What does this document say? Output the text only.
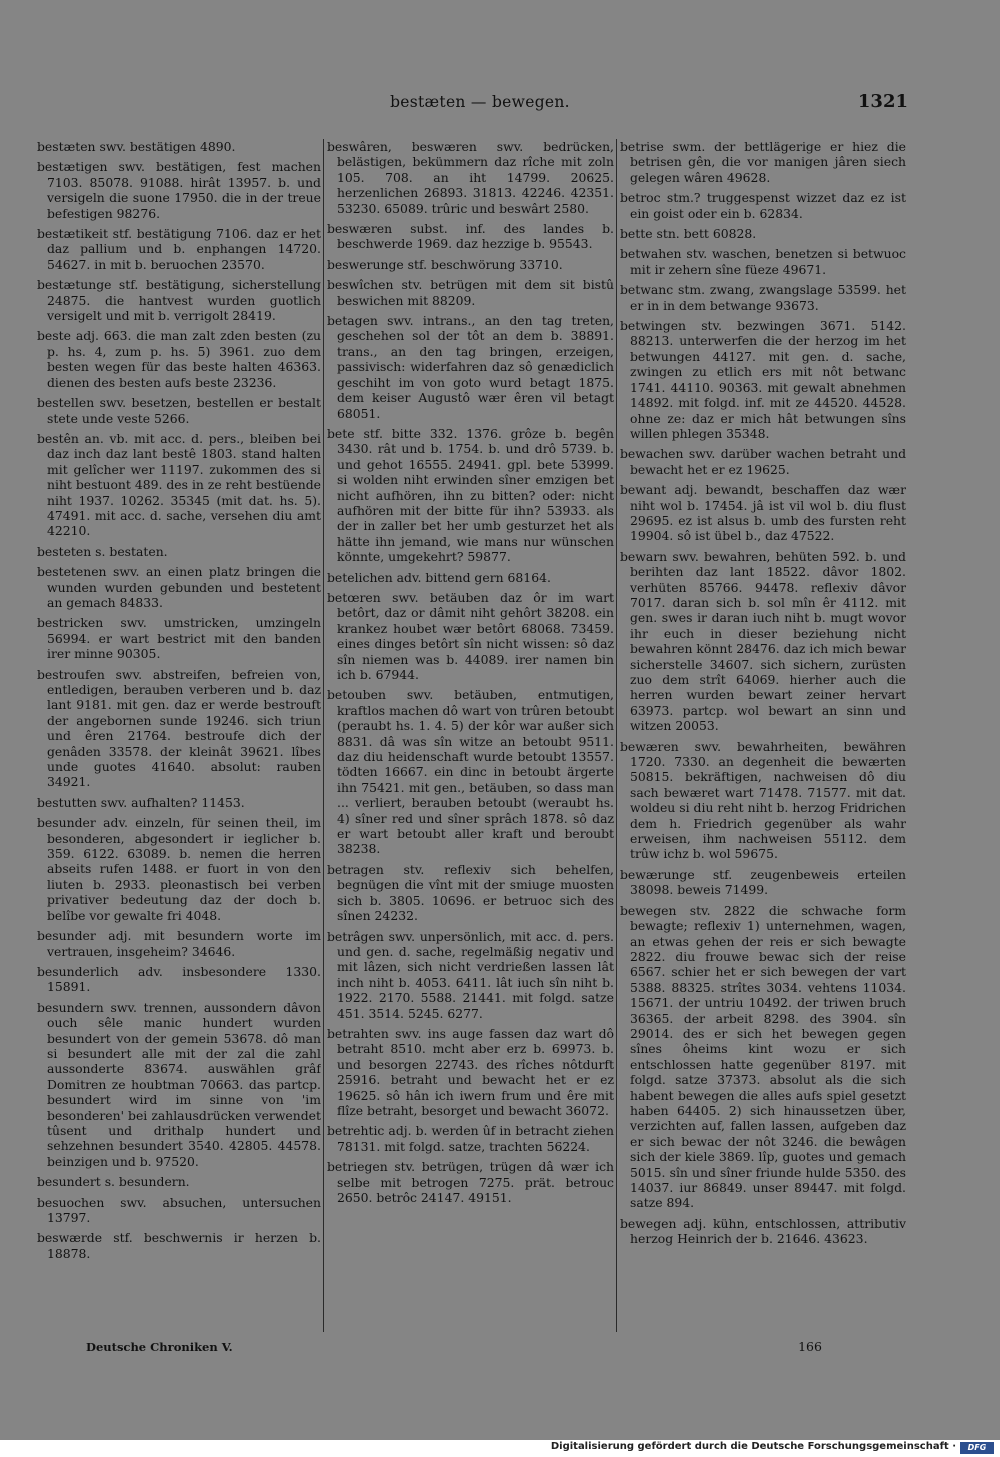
bestæten — bewegen.	1321

bestæten swv. bestätigen 4890.

bestætigen swv. bestätigen, fest machen 7103. 85078. 91088. hirât 13957. b. und versigeln die suone 17950. die in der treue befestigen 98276.

bestætikeit stf. bestätigung 7106. daz er het daz pallium und b. enphangen 14720. 54627. in mit b. beruochen 23570.

bestætunge stf. bestätigung, sicherstellung 24875. die hantvest wurden guotlich versigelt und mit b. verrigolt 28419.

beste adj. 663. die man zalt zden besten (zu p. hs. 4, zum p. hs. 5) 3961. zuo dem besten wegen für das beste halten 46363. dienen des besten aufs beste 23236.

bestellen swv. besetzen, bestellen er bestalt stete unde veste 5266.

bestên an. vb. mit acc. d. pers., bleiben bei daz inch daz lant bestê 1803. stand halten mit gelîcher wer 11197. zukommen des si niht bestuont 489. des in ze reht bestüende niht 1937. 10262. 35345 (mit dat. hs. 5). 47491. mit acc. d. sache, versehen diu amt 42210.

besteten s. bestaten.

bestetenen swv. an einen platz bringen die wunden wurden gebunden und bestetent an gemach 84833.

bestricken swv. umstricken, umzingeln 56994. er wart bestrict mit den banden irer minne 90305.

bestroufen swv. abstreifen, befreien von, entledigen, berauben verberen und b. daz lant 9181. mit gen. daz er werde bestrouft der angebornen sunde 19246. sich triun und êren 21764. bestroufe dich der genâden 33578. der kleinât 39621. lîbes unde guotes 41640. absolut: rauben 34921.

bestutten swv. aufhalten? 11453.

besunder adv. einzeln, für seinen theil, im besonderen, abgesondert ir ieglicher b. 359. 6122. 63089. b. nemen die herren abseits rufen 1488. er fuort in von den liuten b. 2933. pleonastisch bei verben privativer bedeutung daz der doch b. belîbe vor gewalte fri 4048.

besunder adj. mit besundern worte im vertrauen, insgeheim? 34646.

besunderlich adv. insbesondere 1330. 15891.

besundern swv. trennen, aussondern dâvon ouch sêle manic hundert wurden besundert von der gemein 53678. dô man si besundert alle mit der zal die zahl aussonderte 83674. auswählen grâf Domitren ze houbtman 70663. das partcp. besundert wird im sinne von 'im besonderen' bei zahlausdrücken verwendet tûsent und drithalp hundert und sehzehnen besundert 3540. 42805. 44578. beinzigen und b. 97520.

besundert s. besundern.

besuochen swv. absuchen, untersuchen 13797.

beswærde stf. beschwernis ir herzen b. 18878.

beswâren, beswæren swv. bedrücken, belästigen, bekümmern daz rîche mit zoln 105. 708. an iht 14799. 20625. herzenlichen 26893. 31813. 42246. 42351. 53230. 65089. trûric und beswârt 2580.

beswæren subst. inf. des landes b. beschwerde 1969. daz hezzige b. 95543.

beswerunge stf. beschwörung 33710.

beswîchen stv. betrügen mit dem sit bistû beswichen mit 88209.

betagen swv. intrans., an den tag treten, geschehen sol der tôt an dem b. 38891. trans., an den tag bringen, erzeigen, passivisch: widerfahren daz sô genædiclich geschiht im von goto wurd betagt 1875. dem keiser Augustô wær êren vil betagt 68051.

bete stf. bitte 332. 1376. grôze b. begên 3430. rât und b. 1754. b. und drô 5739. b. und gehot 16555. 24941. gpl. bete 53999. si wolden niht erwinden sîner emzigen bet nicht aufhören, ihn zu bitten? oder: nicht aufhören mit der bitte für ihn? 53933. als der in zaller bet her umb gesturzet het als hätte ihn jemand, wie mans nur wünschen könnte, umgekehrt? 59877.

betelichen adv. bittend gern 68164.

betœren swv. betäuben daz ôr im wart betôrt, daz or dâmit niht gehôrt 38208. ein krankez houbet wær betôrt 68068. 73459. eines dinges betôrt sîn nicht wissen: sô daz sîn niemen was b. 44089. irer namen bin ich b. 67944.

betouben swv. betäuben, entmutigen, kraftlos machen dô wart von trûren betoubt (peraubt hs. 1. 4. 5) der kôr war außer sich 8831. dâ was sîn witze an betoubt 9511. daz diu heidenschaft wurde betoubt 13557. tödten 16667. ein dinc in betoubt ärgerte ihn 75421. mit gen., betäuben, so dass man ... verliert, berauben betoubt (weraubt hs. 4) sîner red und sîner sprâch 1878. sô daz er wart betoubt aller kraft und beroubt 38238.

betragen stv. reflexiv sich behelfen, begnügen die vînt mit der smiuge muosten sich b. 3805. 10696. er betruoc sich des sînen 24232.

betrâgen swv. unpersönlich, mit acc. d. pers. und gen. d. sache, regelmäßig negativ und mit lâzen, sich nicht verdrießen lassen lât inch niht b. 4053. 6411. lât iuch sîn niht b. 1922. 2170. 5588. 21441. mit folgd. satze 451. 3514. 5245. 6277.

betrahten swv. ins auge fassen daz wart dô betraht 8510. mcht aber erz b. 69973. b. und besorgen 22743. des rîches nôtdurft 25916. betraht und bewacht het er ez 19625. sô hân ich iwern frum und êre mit flîze betraht, besorget und bewacht 36072.

betrehtic adj. b. werden ûf in betracht ziehen 78131. mit folgd. satze, trachten 56224.

betriegen stv. betrügen, trügen dâ wær ich selbe mit betrogen 7275. prät. betrouc 2650. betrôc 24147. 49151.

betrise swm. der bettlägerige er hiez die betrisen gên, die vor manigen jâren siech gelegen wâren 49628.

betroc stm.? truggespenst wizzet daz ez ist ein goist oder ein b. 62834.

bette stn. bett 60828.

betwahen stv. waschen, benetzen si betwuoc mit ir zehern sîne füeze 49671.

betwanc stm. zwang, zwangslage 53599. het er in in dem betwange 93673.

betwingen stv. bezwingen 3671. 5142. 88213. unterwerfen die der herzog im het betwungen 44127. mit gen. d. sache, zwingen zu etlich ers mit nôt betwanc 1741. 44110. 90363. mit gewalt abnehmen 14892. mit folgd. inf. mit ze 44520. 44528. ohne ze: daz er mich hât betwungen sîns willen phlegen 35348.

bewachen swv. darüber wachen betraht und bewacht het er ez 19625.

bewant adj. bewandt, beschaffen daz wær niht wol b. 17454. jâ ist vil wol b. diu flust 29695. ez ist alsus b. umb des fursten reht 19904. sô ist übel b., daz 47522.

bewarn swv. bewahren, behüten 592. b. und berihten daz lant 18522. dâvor 1802. verhüten 85766. 94478. reflexiv dâvor 7017. daran sich b. sol mîn êr 4112. mit gen. swes ir daran iuch niht b. mugt wovor ihr euch in dieser beziehung nicht bewahren könnt 28476. daz ich mich bewar sicherstelle 34607. sich sichern, zurüsten zuo dem strît 64069. hierher auch die herren wurden bewart zeiner hervart 63973. partcp. wol bewart an sinn und witzen 20053.

bewæren swv. bewahrheiten, bewähren 1720. 7330. an degenheit die bewærten 50815. bekräftigen, nachweisen dô diu sach bewæret wart 71478. 71577. mit dat. woldeu si diu reht niht b. herzog Fridrichen dem h. Friedrich gegenüber als wahr erweisen, ihm nachweisen 55112. dem trûw ichz b. wol 59675.

bewærunge stf. zeugenbeweis erteilen 38098. beweis 71499.

bewegen stv. 2822 die schwache form bewagte; reflexiv 1) unternehmen, wagen, an etwas gehen der reis er sich bewagte 2822. diu frouwe bewac sich der reise 6567. schier het er sich bewegen der vart 5388. 88325. strîtes 3034. vehtens 11034. 15671. der untriu 10492. der triwen bruch 36365. der arbeit 8298. des 3904. sîn 29014. des er sich het bewegen gegen sînes ôheims kint wozu er sich entschlossen hatte gegenüber 8197. mit folgd. satze 37373. absolut als die sich habent bewegen die alles aufs spiel gesetzt haben 64405. 2) sich hinaussetzen über, verzichten auf, fallen lassen, aufgeben daz er sich bewac der nôt 3246. die bewâgen sich der kiele 3869. lîp, guotes und gemach 5015. sîn und sîner friunde hulde 5350. des 14037. iur 86849. unser 89447. mit folgd. satze 894.

bewegen adj. kühn, entschlossen, attributiv herzog Heinrich der b. 21646. 43623.

Deutsche Chroniken V.	166
Digitalisierung gefördert durch die Deutsche Forschungsgemeinschaft ·	DFG
